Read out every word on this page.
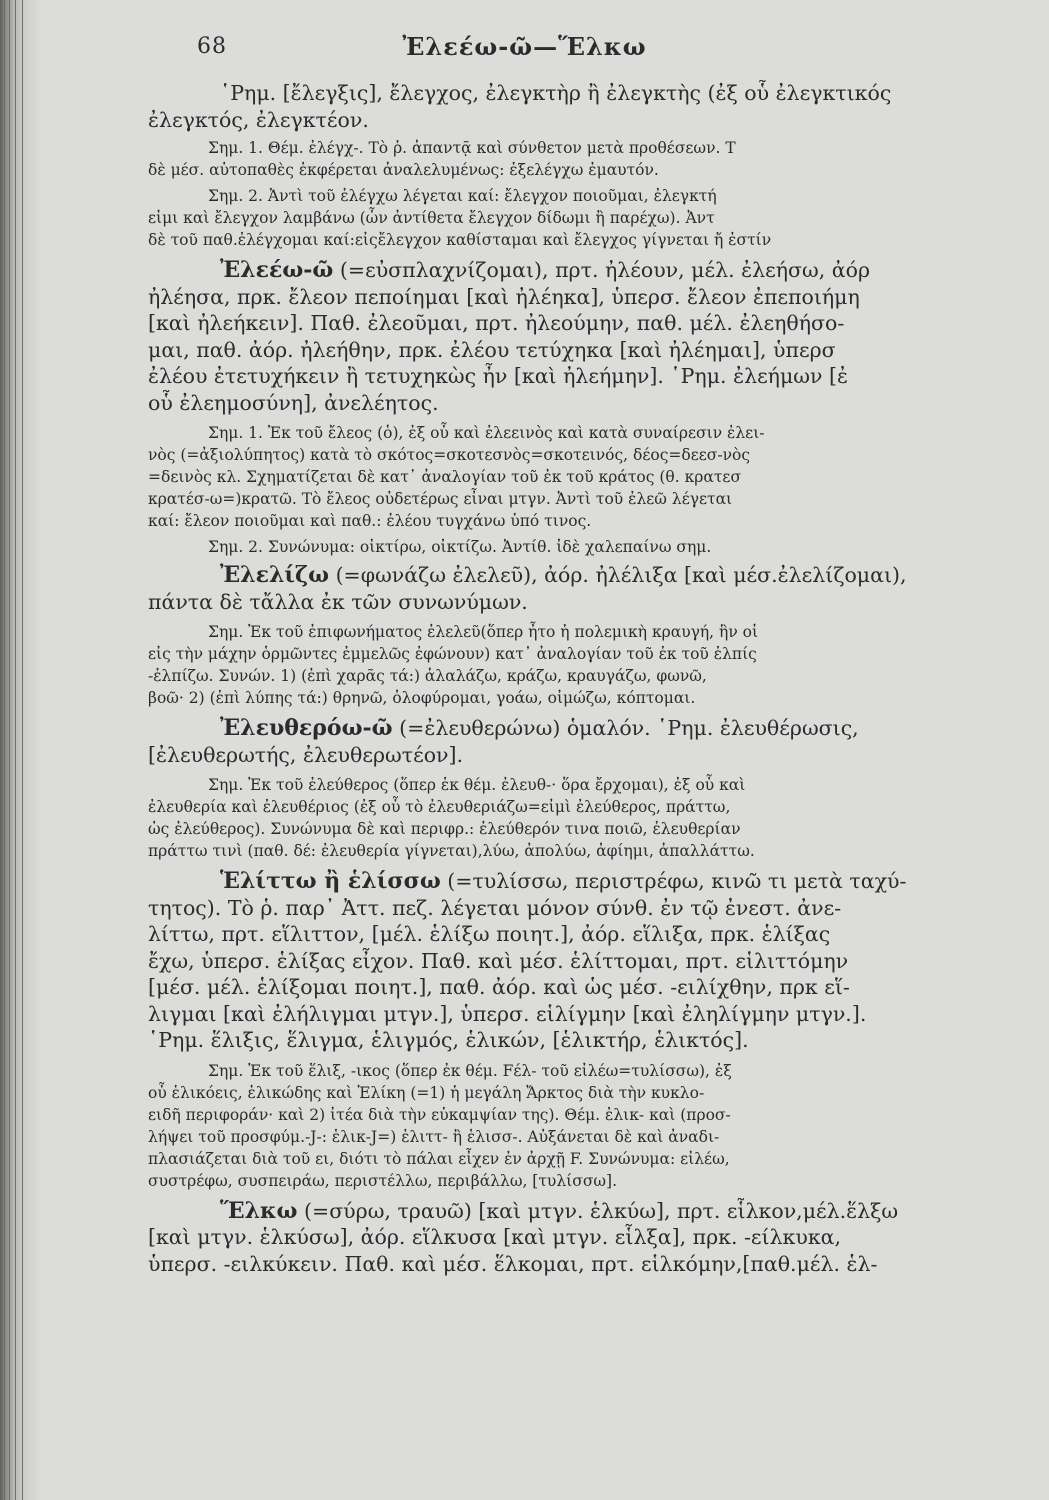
68	Ἐλεέω-ῶ—Ἕλκω
῾Ρημ. [ἔλεγξις], ἔλεγχος, ἐλεγκτὴρ ἢ ἐλεγκτὴς (ἐξ οὗ ἐλεγκτικός
ἐλεγκτός, ἐλεγκτέον.
Σημ. 1. Θέμ. ἐλέγχ-. Τὸ ῥ. ἀπαντᾷ καὶ σύνθετον μετὰ προθέσεων. Τ
δὲ μέσ. αὐτοπαθὲς ἐκφέρεται ἀναλελυμένως: ἐξελέγχω ἐμαυτόν.
Σημ. 2. Ἀντὶ τοῦ ἐλέγχω λέγεται καί: ἔλεγχον ποιοῦμαι, ἐλεγκτή
εἰμι καὶ ἔλεγχον λαμβάνω (ὧν ἀντίθετα ἔλεγχον δίδωμι ἢ παρέχω). Ἀντ
δὲ τοῦ παθ.ἐλέγχομαι καί:εἰςἔλεγχον καθίσταμαι καὶ ἔλεγχος γίγνεται ἤ ἐστίν
Ἐλεέω-ῶ (=εὐσπλαχνίζομαι), πρτ. ἠλέουν, μέλ. ἐλεήσω, ἀόρ
ἠλέησα, πρκ. ἔλεον πεποίημαι [καὶ ἠλέηκα], ὑπερσ. ἔλεον ἐπεποιήμη
[καὶ ἠλεήκειν]. Παθ. ἐλεοῦμαι, πρτ. ἠλεούμην, παθ. μέλ. ἐλεηθήσο-
μαι, παθ. ἀόρ. ἠλεήθην, πρκ. ἐλέου τετύχηκα [καὶ ἠλέημαι], ὑπερσ
ἐλέου ἐτετυχήκειν ἢ τετυχηκὼς ἦν [καὶ ἠλεήμην]. ῾Ρημ. ἐλεήμων [ἐ
οὗ ἐλεημοσύνη], ἀνελέητος.
Σημ. 1. Ἐκ τοῦ ἔλεος (ὁ), ἐξ οὗ καὶ ἐλεεινὸς καὶ κατὰ συναίρεσιν ἐλει-
νὸς (=ἀξιολύπητος) κατὰ τὸ σκότος=σκοτεσνὸς=σκοτεινός, δέος=δεεσ-νὸς
=δεινὸς κλ. Σχηματίζεται δὲ κατ᾽ ἀναλογίαν τοῦ ἐκ τοῦ κράτος (θ. κρατεσ
κρατέσ-ω=)κρατῶ. Τὸ ἔλεος οὐδετέρως εἶναι μτγν. Ἀντὶ τοῦ ἐλεῶ λέγεται
καί: ἔλεον ποιοῦμαι καὶ παθ.: ἐλέου τυγχάνω ὑπό τινος.
Σημ. 2. Συνώνυμα: οἰκτίρω, οἰκτίζω. Ἀντίθ. ἰδὲ χαλεπαίνω σημ.
Ἐλελίζω (=φωνάζω ἐλελεῦ), ἀόρ. ἠλέλιξα [καὶ μέσ.ἐλελίζομαι),
πάντα δὲ τἄλλα ἐκ τῶν συνωνύμων.
Σημ. Ἐκ τοῦ ἐπιφωνήματος ἐλελεῦ(ὅπερ ἦτο ἡ πολεμικὴ κραυγή, ἣν οἱ
εἰς τὴν μάχην ὁρμῶντες ἐμμελῶς ἐφώνουν) κατ᾽ ἀναλογίαν τοῦ ἐκ τοῦ ἐλπίς
-ἐλπίζω. Συνών. 1) (ἐπὶ χαρᾶς τά:) ἀλαλάζω, κράζω, κραυγάζω, φωνῶ,
βοῶ· 2) (ἐπὶ λύπης τά:) θρηνῶ, ὀλοφύρομαι, γοάω, οἰμώζω, κόπτομαι.
Ἐλευθερόω-ῶ (=ἐλευθερώνω) ὁμαλόν. ῾Ρημ. ἐλευθέρωσις,
[ἐλευθερωτής, ἐλευθερωτέον].
Σημ. Ἐκ τοῦ ἐλεύθερος (ὅπερ ἐκ θέμ. ἐλευθ-· ὅρα ἔρχομαι), ἐξ οὗ καὶ
ἐλευθερία καὶ ἐλευθέριος (ἐξ οὗ τὸ ἐλευθεριάζω=εἰμὶ ἐλεύθερος, πράττω,
ὡς ἐλεύθερος). Συνώνυμα δὲ καὶ περιφρ.: ἐλεύθερόν τινα ποιῶ, ἐλευθερίαν
πράττω τινὶ (παθ. δέ: ἐλευθερία γίγνεται),λύω, ἀπολύω, ἀφίημι, ἀπαλλάττω.
Ἑλίττω ἢ ἑλίσσω (=τυλίσσω, περιστρέφω, κινῶ τι μετὰ ταχύ-
τητος). Τὸ ῥ. παρ᾽ Ἀττ. πεζ. λέγεται μόνον σύνθ. ἐν τῷ ἐνεστ. ἀνε-
λίττω, πρτ. εἵλιττον, [μέλ. ἑλίξω ποιητ.], ἀόρ. εἵλιξα, πρκ. ἑλίξας
ἔχω, ὑπερσ. ἑλίξας εἶχον. Παθ. καὶ μέσ. ἑλίττομαι, πρτ. εἱλιττόμην
[μέσ. μέλ. ἑλίξομαι ποιητ.], παθ. ἀόρ. καὶ ὡς μέσ. -ειλίχθην, πρκ εἵ-
λιγμαι [καὶ ἐλήλιγμαι μτγν.], ὑπερσ. εἱλίγμην [καὶ ἐληλίγμην μτγν.].
῾Ρημ. ἕλιξις, ἕλιγμα, ἑλιγμός, ἑλικών, [ἑλικτήρ, ἑλικτός].
Σημ. Ἐκ τοῦ ἕλιξ, -ικος (ὅπερ ἐκ θέμ. Fέλ- τοῦ εἰλέω=τυλίσσω), ἐξ
οὗ ἑλικόεις, ἑλικώδης καὶ Ἑλίκη (=1) ἡ μεγάλη Ἄρκτος διὰ τὴν κυκλο-
ειδῆ περιφοράν· καὶ 2) ἰτέα διὰ τὴν εὐκαμψίαν της). Θέμ. ἑλικ- καὶ (προσ-
λήψει τοῦ προσφύμ.-J-: ἑλικ-J=) ἑλιττ- ἢ ἑλισσ-. Αὐξάνεται δὲ καὶ ἀναδι-
πλασιάζεται διὰ τοῦ ει, διότι τὸ πάλαι εἶχεν ἐν ἀρχῇ F. Συνώνυμα: εἰλέω,
συστρέφω, συσπειράω, περιστέλλω, περιβάλλω, [τυλίσσω].
Ἕλκω (=σύρω, τραυῶ) [καὶ μτγν. ἑλκύω], πρτ. εἷλκον,μέλ.ἕλξω
[καὶ μτγν. ἑλκύσω], ἀόρ. εἵλκυσα [καὶ μτγν. εἷλξα], πρκ. -είλκυκα,
ὑπερσ. -ειλκύκειν. Παθ. καὶ μέσ. ἕλκομαι, πρτ. εἱλκόμην,[παθ.μέλ. ἑλ-
